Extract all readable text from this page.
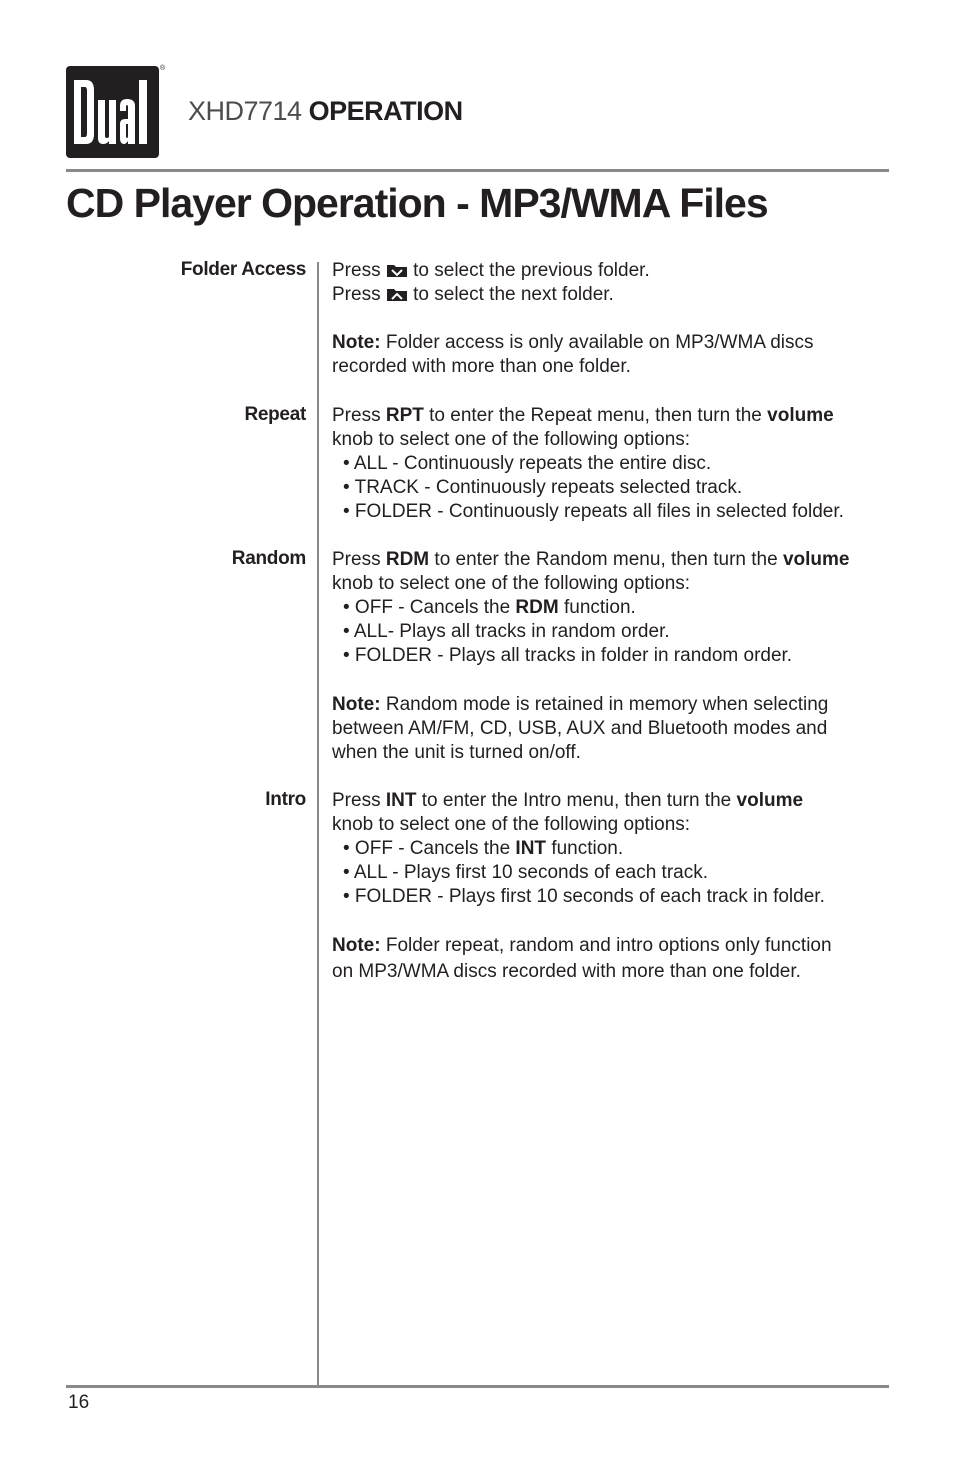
®
XHD7714 OPERATION
CD Player Operation - MP3/WMA Files
Folder Access Press to select the previous folder.
Press to select the next folder.
Note: Folder access is only available on MP3/WMA discs
recorded with more than one folder.
Repeat Press RPT to enter the Repeat menu, then turn the volume
knob to select one of the following options:
• ALL - Continuously repeats the entire disc.
• TRACK - Continuously repeats selected track.
• FOLDER - Continuously repeats all files in selected folder.
Random Press RDM to enter the Random menu, then turn the volume
knob to select one of the following options:
• OFF - Cancels the RDM function.
• ALL- Plays all tracks in random order.
• FOLDER - Plays all tracks in folder in random order.
Note: Random mode is retained in memory when selecting
between AM/FM, CD, USB, AUX and Bluetooth modes and
when the unit is turned on/off.
Intro Press INT to enter the Intro menu, then turn the volume
knob to select one of the following options:
• OFF - Cancels the INT function.
• ALL - Plays first 10 seconds of each track.
• FOLDER - Plays first 10 seconds of each track in folder.
Note: Folder repeat, random and intro options only function
on MP3/WMA discs recorded with more than one folder.
16
